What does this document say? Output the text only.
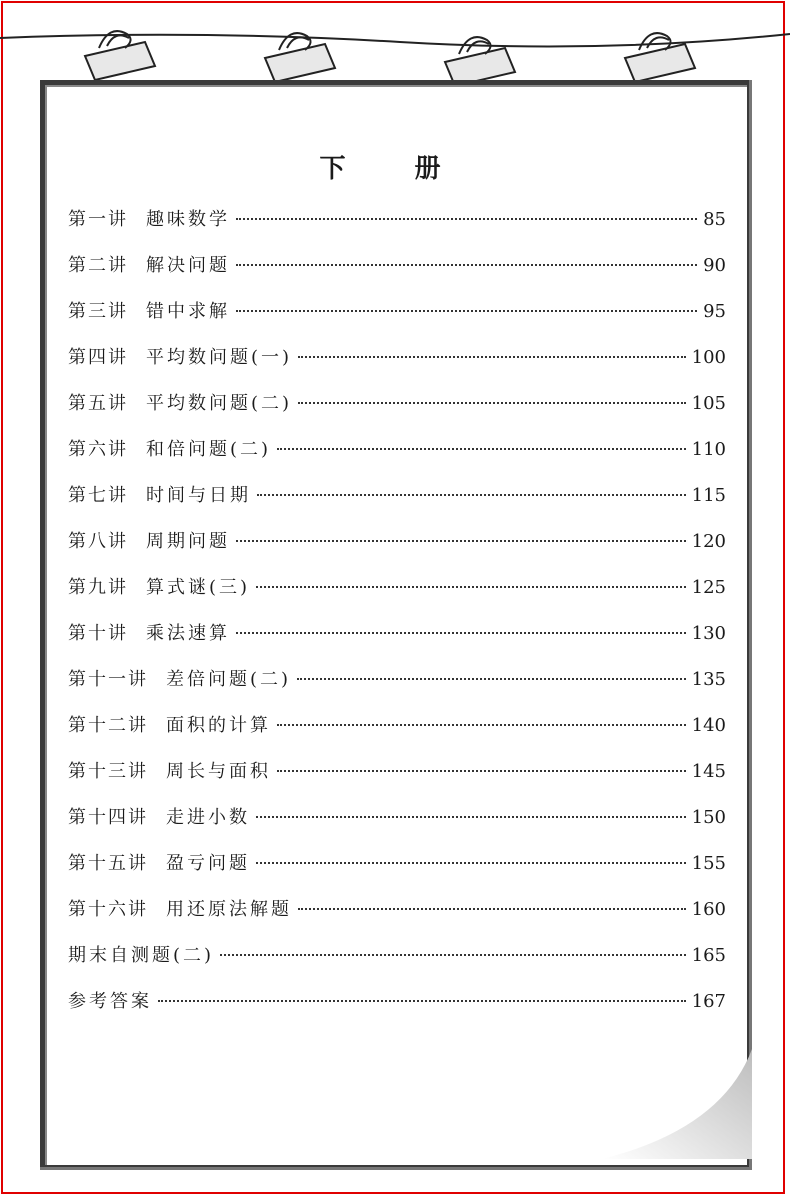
下 册
第一讲 趣味数学	85
第二讲 解决问题	90
第三讲 错中求解	95
第四讲 平均数问题(一)	100
第五讲 平均数问题(二)	105
第六讲 和倍问题(二)	110
第七讲 时间与日期	115
第八讲 周期问题	120
第九讲 算式谜(三)	125
第十讲 乘法速算	130
第十一讲 差倍问题(二)	135
第十二讲 面积的计算	140
第十三讲 周长与面积	145
第十四讲 走进小数	150
第十五讲 盈亏问题	155
第十六讲 用还原法解题	160
期末自测题(二)	165
参考答案	167
